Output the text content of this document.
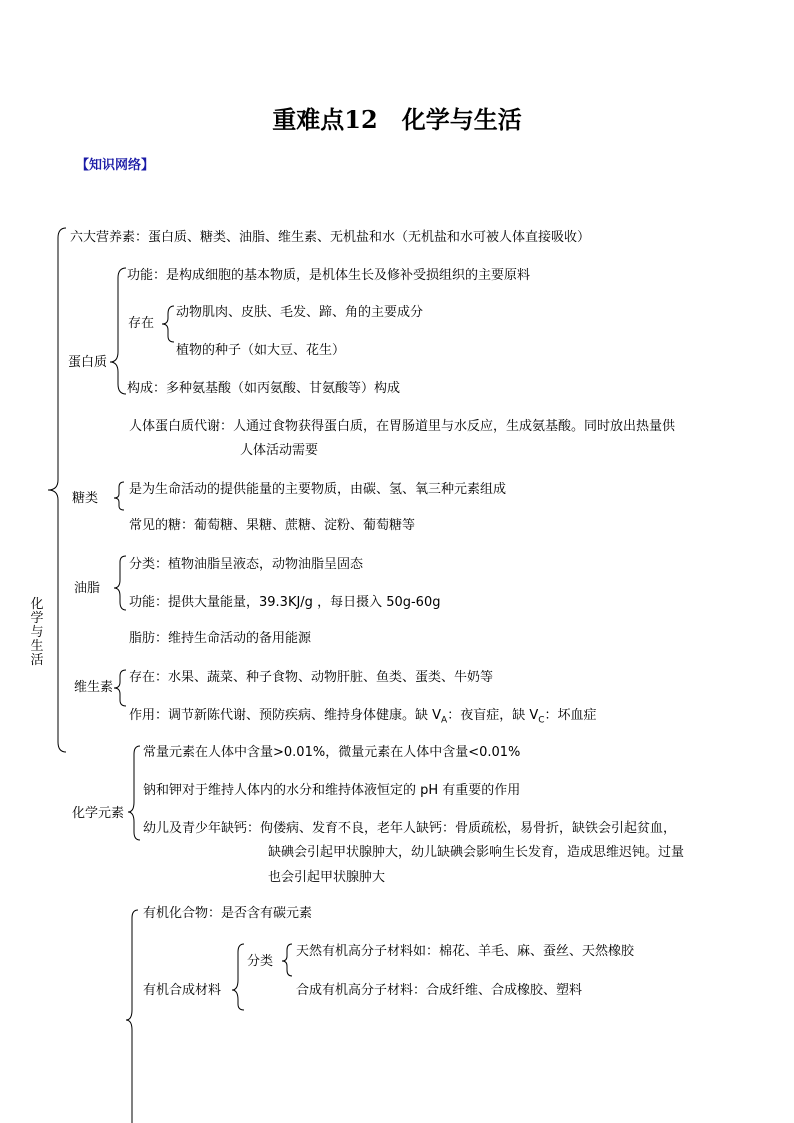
重难点12　化学与生活
【知识网络】
化学与生活
六大营养素：蛋白质、糖类、油脂、维生素、无机盐和水（无机盐和水可被人体直接吸收）
蛋白质
功能：是构成细胞的基本物质，是机体生长及修补受损组织的主要原料
存在
动物肌肉、皮肤、毛发、蹄、角的主要成分
植物的种子（如大豆、花生）
构成：多种氨基酸（如丙氨酸、甘氨酸等）构成
人体蛋白质代谢：人通过食物获得蛋白质，在胃肠道里与水反应，生成氨基酸。同时放出热量供
人体活动需要
糖类
是为生命活动的提供能量的主要物质，由碳、氢、氧三种元素组成
常见的糖：葡萄糖、果糖、蔗糖、淀粉、葡萄糖等
油脂
分类：植物油脂呈液态，动物油脂呈固态
功能：提供大量能量，39.3KJ/g ，每日摄入 50g-60g
脂肪：维持生命活动的备用能源
维生素
存在：水果、蔬菜、种子食物、动物肝脏、鱼类、蛋类、牛奶等
作用：调节新陈代谢、预防疾病、维持身体健康。缺 $V_A$：夜盲症，缺 $V_C$：坏血症
化学元素
常量元素在人体中含量>0.01%，微量元素在人体中含量<0.01%
钠和钾对于维持人体内的水分和维持体液恒定的 pH 有重要的作用
幼儿及青少年缺钙：佝偻病、发育不良，老年人缺钙：骨质疏松，易骨折，缺铁会引起贫血，
缺碘会引起甲状腺肿大，幼儿缺碘会影响生长发育，造成思维迟钝。过量
也会引起甲状腺肿大
有机化合物：是否含有碳元素
有机合成材料
分类
天然有机高分子材料如：棉花、羊毛、麻、蚕丝、天然橡胶
合成有机高分子材料：合成纤维、合成橡胶、塑料
